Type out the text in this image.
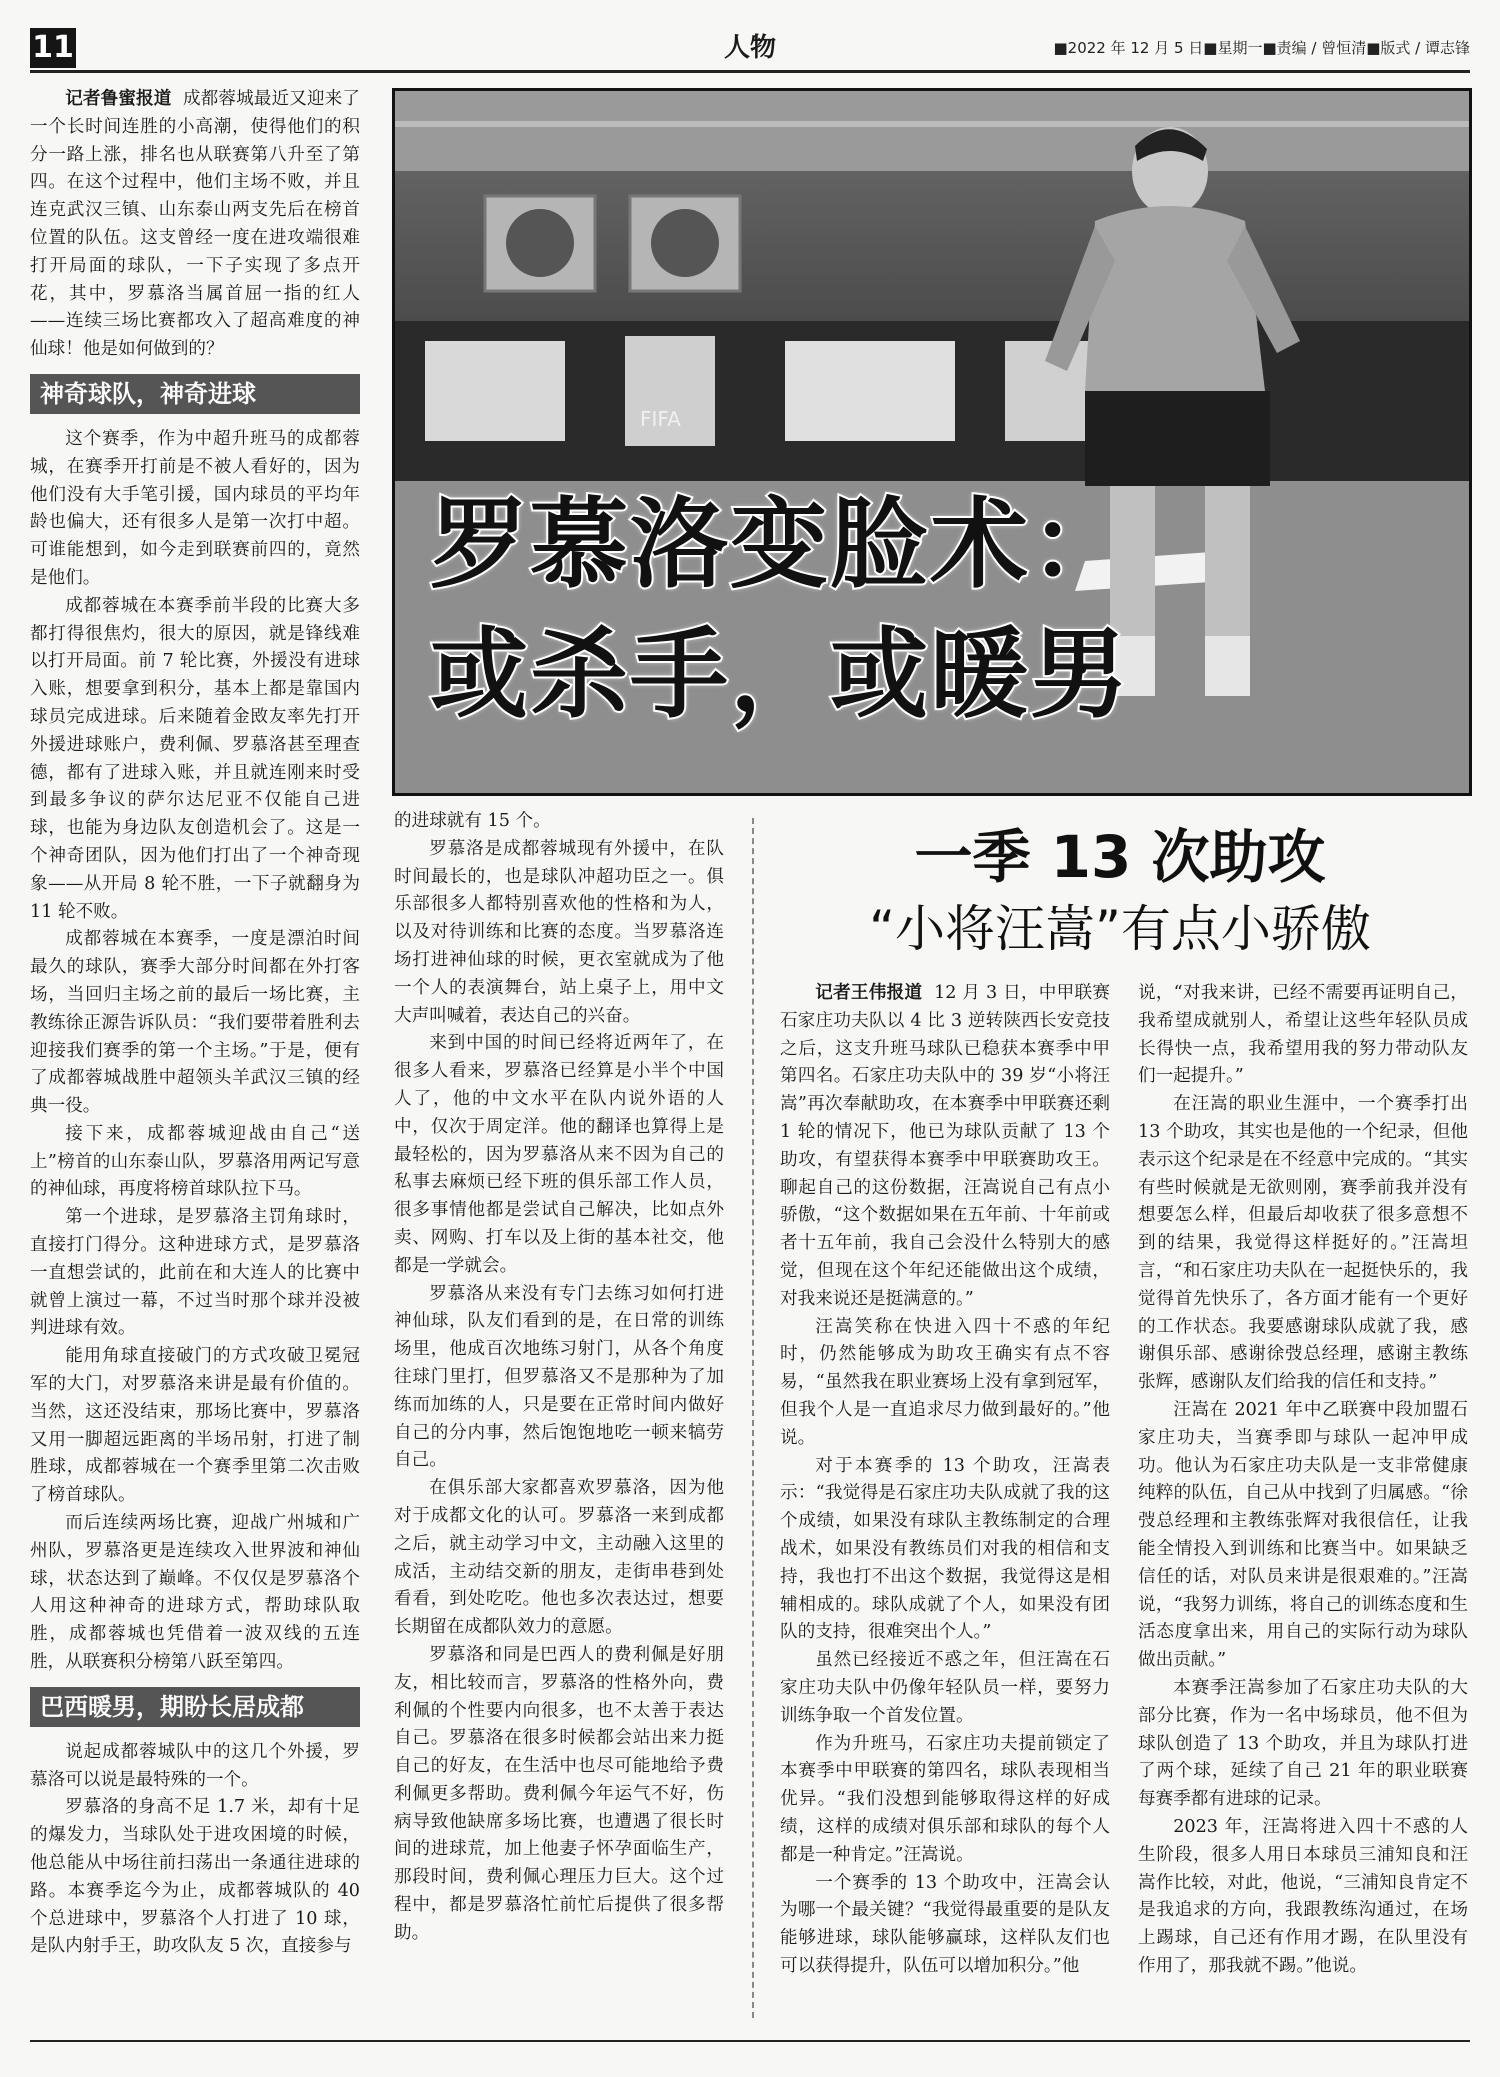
11	人物	■2022 年 12 月 5 日■星期一■责编 / 曾恒清■版式 / 谭志锋
FIFA
罗慕洛变脸术：
或杀手，或暖男

记者鲁蜜报道 成都蓉城最近又迎来了一个长时间连胜的小高潮，使得他们的积分一路上涨，排名也从联赛第八升至了第四。在这个过程中，他们主场不败，并且连克武汉三镇、山东泰山两支先后在榜首位置的队伍。这支曾经一度在进攻端很难打开局面的球队，一下子实现了多点开花，其中，罗慕洛当属首屈一指的红人——连续三场比赛都攻入了超高难度的神仙球！他是如何做到的？

神奇球队，神奇进球

这个赛季，作为中超升班马的成都蓉城，在赛季开打前是不被人看好的，因为他们没有大手笔引援，国内球员的平均年龄也偏大，还有很多人是第一次打中超。可谁能想到，如今走到联赛前四的，竟然是他们。

成都蓉城在本赛季前半段的比赛大多都打得很焦灼，很大的原因，就是锋线难以打开局面。前 7 轮比赛，外援没有进球入账，想要拿到积分，基本上都是靠国内球员完成进球。后来随着金敃友率先打开外援进球账户，费利佩、罗慕洛甚至理查德，都有了进球入账，并且就连刚来时受到最多争议的萨尔达尼亚不仅能自己进球，也能为身边队友创造机会了。这是一个神奇团队，因为他们打出了一个神奇现象——从开局 8 轮不胜，一下子就翻身为 11 轮不败。

成都蓉城在本赛季，一度是漂泊时间最久的球队，赛季大部分时间都在外打客场，当回归主场之前的最后一场比赛，主教练徐正源告诉队员：“我们要带着胜利去迎接我们赛季的第一个主场。”于是，便有了成都蓉城战胜中超领头羊武汉三镇的经典一役。

接下来，成都蓉城迎战由自己“送上”榜首的山东泰山队，罗慕洛用两记写意的神仙球，再度将榜首球队拉下马。

第一个进球，是罗慕洛主罚角球时，直接打门得分。这种进球方式，是罗慕洛一直想尝试的，此前在和大连人的比赛中就曾上演过一幕，不过当时那个球并没被判进球有效。

能用角球直接破门的方式攻破卫冕冠军的大门，对罗慕洛来讲是最有价值的。当然，这还没结束，那场比赛中，罗慕洛又用一脚超远距离的半场吊射，打进了制胜球，成都蓉城在一个赛季里第二次击败了榜首球队。

而后连续两场比赛，迎战广州城和广州队，罗慕洛更是连续攻入世界波和神仙球，状态达到了巅峰。不仅仅是罗慕洛个人用这种神奇的进球方式，帮助球队取胜，成都蓉城也凭借着一波双线的五连胜，从联赛积分榜第八跃至第四。

巴西暖男，期盼长居成都

说起成都蓉城队中的这几个外援，罗慕洛可以说是最特殊的一个。

罗慕洛的身高不足 1.7 米，却有十足的爆发力，当球队处于进攻困境的时候，他总能从中场往前扫荡出一条通往进球的路。本赛季迄今为止，成都蓉城队的 40 个总进球中，罗慕洛个人打进了 10 球，是队内射手王，助攻队友 5 次，直接参与

的进球就有 15 个。

罗慕洛是成都蓉城现有外援中，在队时间最长的，也是球队冲超功臣之一。俱乐部很多人都特别喜欢他的性格和为人，以及对待训练和比赛的态度。当罗慕洛连场打进神仙球的时候，更衣室就成为了他一个人的表演舞台，站上桌子上，用中文大声叫喊着，表达自己的兴奋。

来到中国的时间已经将近两年了，在很多人看来，罗慕洛已经算是小半个中国人了，他的中文水平在队内说外语的人中，仅次于周定洋。他的翻译也算得上是最轻松的，因为罗慕洛从来不因为自己的私事去麻烦已经下班的俱乐部工作人员，很多事情他都是尝试自己解决，比如点外卖、网购、打车以及上街的基本社交，他都是一学就会。

罗慕洛从来没有专门去练习如何打进神仙球，队友们看到的是，在日常的训练场里，他成百次地练习射门，从各个角度往球门里打，但罗慕洛又不是那种为了加练而加练的人，只是要在正常时间内做好自己的分内事，然后饱饱地吃一顿来犒劳自己。

在俱乐部大家都喜欢罗慕洛，因为他对于成都文化的认可。罗慕洛一来到成都之后，就主动学习中文，主动融入这里的成活，主动结交新的朋友，走街串巷到处看看，到处吃吃。他也多次表达过，想要长期留在成都队效力的意愿。

罗慕洛和同是巴西人的费利佩是好朋友，相比较而言，罗慕洛的性格外向，费利佩的个性要内向很多，也不太善于表达自己。罗慕洛在很多时候都会站出来力挺自己的好友，在生活中也尽可能地给予费利佩更多帮助。费利佩今年运气不好，伤病导致他缺席多场比赛，也遭遇了很长时间的进球荒，加上他妻子怀孕面临生产，那段时间，费利佩心理压力巨大。这个过程中，都是罗慕洛忙前忙后提供了很多帮助。

一季 13 次助攻
“小将汪嵩”有点小骄傲

记者王伟报道 12 月 3 日，中甲联赛石家庄功夫队以 4 比 3 逆转陕西长安竞技之后，这支升班马球队已稳获本赛季中甲第四名。石家庄功夫队中的 39 岁“小将汪嵩”再次奉献助攻，在本赛季中甲联赛还剩 1 轮的情况下，他已为球队贡献了 13 个助攻，有望获得本赛季中甲联赛助攻王。聊起自己的这份数据，汪嵩说自己有点小骄傲，“这个数据如果在五年前、十年前或者十五年前，我自己会没什么特别大的感觉，但现在这个年纪还能做出这个成绩，对我来说还是挺满意的。”

汪嵩笑称在快进入四十不惑的年纪时，仍然能够成为助攻王确实有点不容易，“虽然我在职业赛场上没有拿到冠军，但我个人是一直追求尽力做到最好的。”他说。

对于本赛季的 13 个助攻，汪嵩表示：“我觉得是石家庄功夫队成就了我的这个成绩，如果没有球队主教练制定的合理战术，如果没有教练员们对我的相信和支持，我也打不出这个数据，我觉得这是相辅相成的。球队成就了个人，如果没有团队的支持，很难突出个人。”

虽然已经接近不惑之年，但汪嵩在石家庄功夫队中仍像年轻队员一样，要努力训练争取一个首发位置。

作为升班马，石家庄功夫提前锁定了本赛季中甲联赛的第四名，球队表现相当优异。“我们没想到能够取得这样的好成绩，这样的成绩对俱乐部和球队的每个人都是一种肯定。”汪嵩说。

一个赛季的 13 个助攻中，汪嵩会认为哪一个最关键？“我觉得最重要的是队友能够进球，球队能够赢球，这样队友们也可以获得提升，队伍可以增加积分。”他

说，“对我来讲，已经不需要再证明自己，我希望成就别人，希望让这些年轻队员成长得快一点，我希望用我的努力带动队友们一起提升。”

在汪嵩的职业生涯中，一个赛季打出 13 个助攻，其实也是他的一个纪录，但他表示这个纪录是在不经意中完成的。“其实有些时候就是无欲则刚，赛季前我并没有想要怎么样，但最后却收获了很多意想不到的结果，我觉得这样挺好的。”汪嵩坦言，“和石家庄功夫队在一起挺快乐的，我觉得首先快乐了，各方面才能有一个更好的工作状态。我要感谢球队成就了我，感谢俱乐部、感谢徐弢总经理，感谢主教练张辉，感谢队友们给我的信任和支持。”

汪嵩在 2021 年中乙联赛中段加盟石家庄功夫，当赛季即与球队一起冲甲成功。他认为石家庄功夫队是一支非常健康纯粹的队伍，自己从中找到了归属感。“徐弢总经理和主教练张辉对我很信任，让我能全情投入到训练和比赛当中。如果缺乏信任的话，对队员来讲是很艰难的。”汪嵩说，“我努力训练，将自己的训练态度和生活态度拿出来，用自己的实际行动为球队做出贡献。”

本赛季汪嵩参加了石家庄功夫队的大部分比赛，作为一名中场球员，他不但为球队创造了 13 个助攻，并且为球队打进了两个球，延续了自己 21 年的职业联赛每赛季都有进球的记录。

2023 年，汪嵩将进入四十不惑的人生阶段，很多人用日本球员三浦知良和汪嵩作比较，对此，他说，“三浦知良肯定不是我追求的方向，我跟教练沟通过，在场上踢球，自己还有作用才踢，在队里没有作用了，那我就不踢。”他说。
